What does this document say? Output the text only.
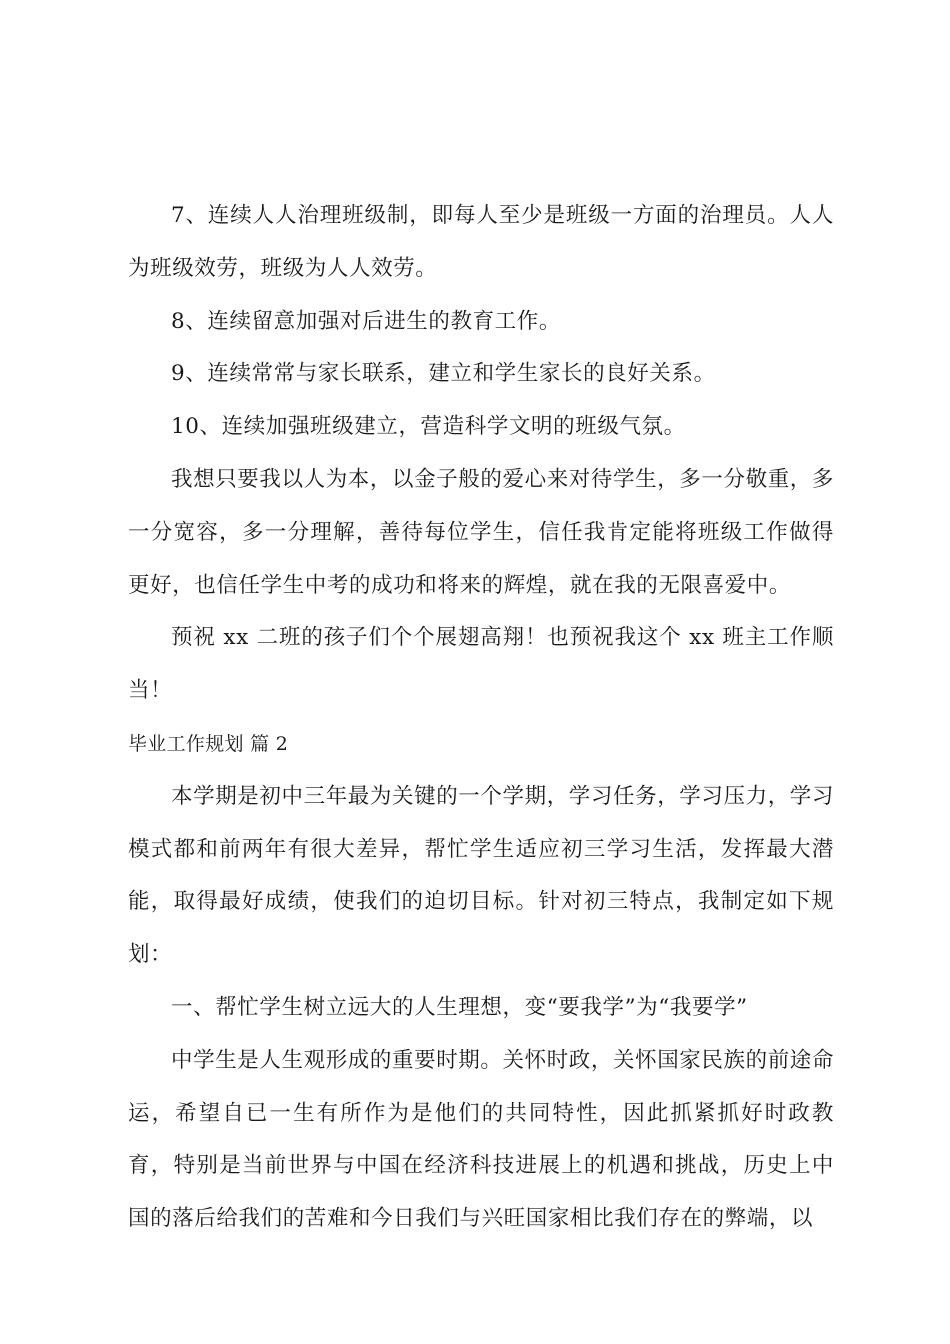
7、连续人人治理班级制，即每人至少是班级一方面的治理员。人人为班级效劳，班级为人人效劳。

8、连续留意加强对后进生的教育工作。

9、连续常常与家长联系，建立和学生家长的良好关系。

10、连续加强班级建立，营造科学文明的班级气氛。

我想只要我以人为本，以金子般的爱心来对待学生，多一分敬重，多一分宽容，多一分理解，善待每位学生，信任我肯定能将班级工作做得更好，也信任学生中考的成功和将来的辉煌，就在我的无限喜爱中。

预祝 xx 二班的孩子们个个展翅高翔！也预祝我这个 xx 班主工作顺当！

毕业工作规划 篇 2

本学期是初中三年最为关键的一个学期，学习任务，学习压力，学习模式都和前两年有很大差异，帮忙学生适应初三学习生活，发挥最大潜能，取得最好成绩，使我们的迫切目标。针对初三特点，我制定如下规划：

一、帮忙学生树立远大的人生理想，变“要我学”为“我要学”

中学生是人生观形成的重要时期。关怀时政，关怀国家民族的前途命运，希望自已一生有所作为是他们的共同特性，因此抓紧抓好时政教育，特别是当前世界与中国在经济科技进展上的机遇和挑战，历史上中国的落后给我们的苦难和今日我们与兴旺国家相比我们存在的弊端，以
